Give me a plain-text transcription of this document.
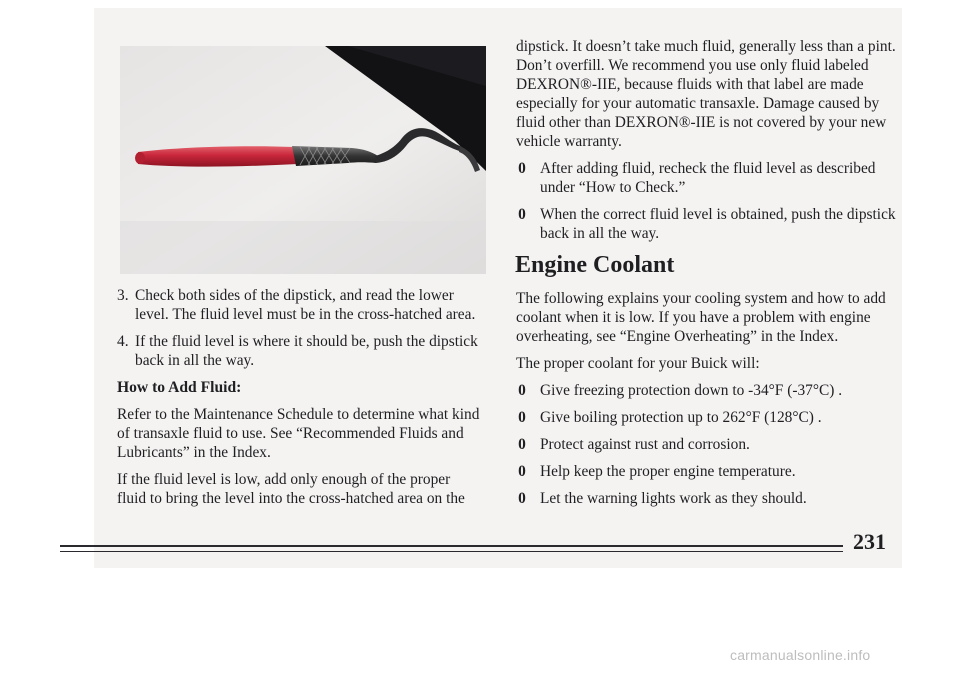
3. Check both sides of the dipstick, and read the lower level. The fluid level must be in the cross-hatched area.

4. If the fluid level is where it should be, push the dipstick back in all the way.

How to Add Fluid:

Refer to the Maintenance Schedule to determine what kind of transaxle fluid to use. See “Recommended Fluids and Lubricants” in the Index.

If the fluid level is low, add only enough of the proper fluid to bring the level into the cross-hatched area on the

dipstick. It doesn’t take much fluid, generally less than a pint. Don’t overfill. We recommend you use only fluid labeled DEXRON®-IIE, because fluids with that label are made especially for your automatic transaxle. Damage caused by fluid other than DEXRON®-IIE is not covered by your new vehicle warranty.

0 After adding fluid, recheck the fluid level as described under “How to Check.”

0 When the correct fluid level is obtained, push the dipstick back in all the way.

Engine Coolant

The following explains your cooling system and how to add coolant when it is low. If you have a problem with engine overheating, see “Engine Overheating” in the Index.

The proper coolant for your Buick will:

0 Give freezing protection down to -34°F (-37°C) .

0 Give boiling protection up to 262°F (128°C) .

0 Protect against rust and corrosion.

0 Help keep the proper engine temperature.

0 Let the warning lights work as they should.

231
carmanualsonline.info
